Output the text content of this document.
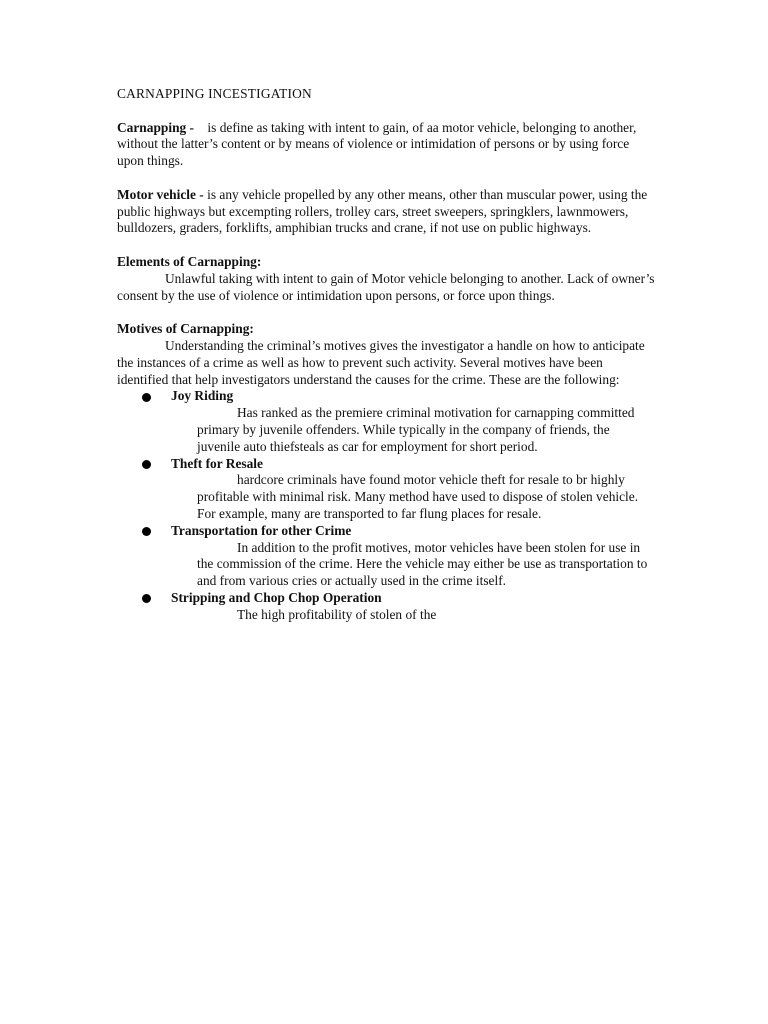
CARNAPPING INCESTIGATION

Carnapping - is define as taking with intent to gain, of aa motor vehicle, belonging to another, without the latter’s content or by means of violence or intimidation of persons or by using force upon things.

Motor vehicle - is any vehicle propelled by any other means, other than muscular power, using the public highways but excempting rollers, trolley cars, street sweepers, springklers, lawnmowers, bulldozers, graders, forklifts, amphibian trucks and crane, if not use on public highways.

Elements of Carnapping:

Unlawful taking with intent to gain of Motor vehicle belonging to another. Lack of owner’s consent by the use of violence or intimidation upon persons, or force upon things.

Motives of Carnapping:

Understanding the criminal’s motives gives the investigator a handle on how to anticipate the instances of a crime as well as how to prevent such activity. Several motives have been identified that help investigators understand the causes for the crime. These are the following:

Joy Riding

Has ranked as the premiere criminal motivation for carnapping committed primary by juvenile offenders. While typically in the company of friends, the juvenile auto thiefsteals as car for employment for short period.

Theft for Resale

hardcore criminals have found motor vehicle theft for resale to br highly profitable with minimal risk. Many method have used to dispose of stolen vehicle. For example, many are transported to far flung places for resale.

Transportation for other Crime

In addition to the profit motives, motor vehicles have been stolen for use in the commission of the crime. Here the vehicle may either be use as transportation to and from various cries or actually used in the crime itself.

Stripping and Chop Chop Operation

The high profitability of stolen of the
